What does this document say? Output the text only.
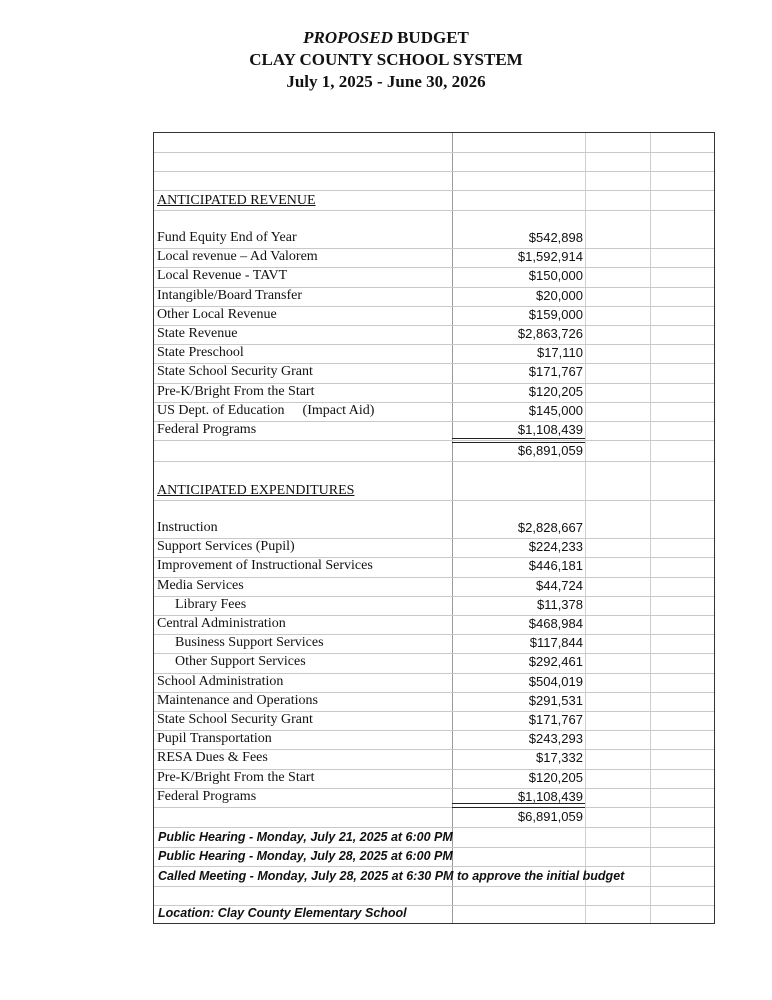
PROPOSED BUDGET
CLAY COUNTY SCHOOL SYSTEM
July 1, 2025 - June 30, 2026
ANTICIPATED REVENUE
Fund Equity End of Year	$542,898
Local revenue – Ad Valorem	$1,592,914
Local Revenue - TAVT	$150,000
Intangible/Board Transfer	$20,000
Other Local Revenue	$159,000
State Revenue	$2,863,726
State Preschool	$17,110
State School Security Grant	$171,767
Pre-K/Bright From the Start	$120,205
US Dept. of Education (Impact Aid)	$145,000
Federal Programs	$1,108,439
$6,891,059
ANTICIPATED EXPENDITURES
Instruction	$2,828,667
Support Services (Pupil)	$224,233
Improvement of Instructional Services	$446,181
Media Services	$44,724
Library Fees	$11,378
Central Administration	$468,984
Business Support Services	$117,844
Other Support Services	$292,461
School Administration	$504,019
Maintenance and Operations	$291,531
State School Security Grant	$171,767
Pupil Transportation	$243,293
RESA Dues & Fees	$17,332
Pre-K/Bright From the Start	$120,205
Federal Programs	$1,108,439
$6,891,059
Public Hearing - Monday, July 21, 2025 at 6:00 PM
Public Hearing - Monday, July 28, 2025 at 6:00 PM
Called Meeting - Monday, July 28, 2025 at 6:30 PM to approve the initial budget
Location: Clay County Elementary School
